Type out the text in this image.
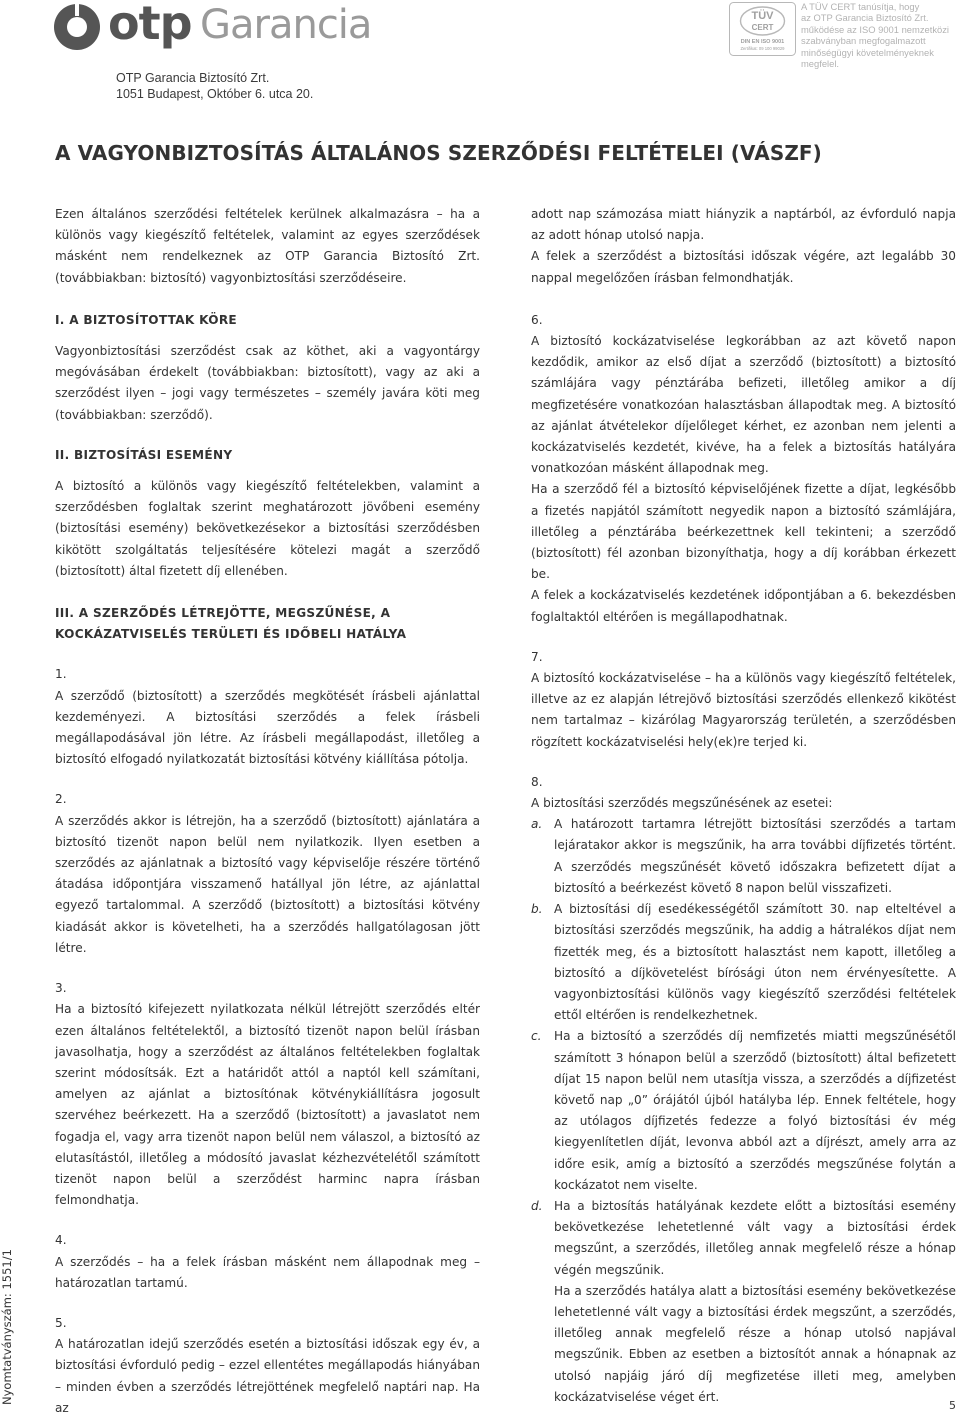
otp Garancia	TÜV
CERT
DIN EN ISO 9001
Zertifikat: 09 100 99029
A TÜV CERT tanúsítja, hogy
az OTP Garancia Biztosító Zrt.
működése az ISO 9001 nemzetközi
szabványban megfogalmazott
minőségügyi követelményeknek megfelel.
OTP Garancia Biztosító Zrt.
1051 Budapest, Október 6. utca 20.
A VAGYONBIZTOSÍTÁS ÁLTALÁNOS SZERZŐDÉSI FELTÉTELEI (VÁSZF)
Nyomtatványszám: 1551/1
5

Ezen általános szerződési feltételek kerülnek alkalmazásra – ha a különös vagy kiegészítő feltételek, valamint az egyes szerződések másként nem rendelkeznek az OTP Garancia Biztosító Zrt. (továbbiakban: biztosító) vagyonbiztosítási szerződéseire.

I. A BIZTOSÍTOTTAK KÖRE

Vagyonbiztosítási szerződést csak az köthet, aki a vagyontárgy megóvásában érdekelt (továbbiakban: biztosított), vagy az aki a szerződést ilyen – jogi vagy természetes – személy javára köti meg (továbbiakban: szerződő).

II. BIZTOSÍTÁSI ESEMÉNY

A biztosító a különös vagy kiegészítő feltételekben, valamint a szerződésben foglaltak szerint meghatározott jövőbeni esemény (biztosítási esemény) bekövetkezésekor a biztosítási szerződésben kikötött szolgáltatás teljesítésére kötelezi magát a szerződő (biztosított) által fizetett díj ellenében.

III. A SZERZŐDÉS LÉTREJÖTTE, MEGSZŰNÉSE, A KOCKÁZATVISELÉS TERÜLETI ÉS IDŐBELI HATÁLYA
1.

A szerződő (biztosított) a szerződés megkötését írásbeli ajánlattal kezdeményezi. A biztosítási szerződés a felek írásbeli megállapodásával jön létre. Az írásbeli megállapodást, illetőleg a biztosító elfogadó nyilatkozatát biztosítási kötvény kiállítása pótolja.

2.

A szerződés akkor is létrejön, ha a szerződő (biztosított) ajánlatára a biztosító tizenöt napon belül nem nyilatkozik. Ilyen esetben a szerződés az ajánlatnak a biztosító vagy képviselője részére történő átadása időpontjára visszamenő hatállyal jön létre, az ajánlattal egyező tartalommal. A szerződő (biztosított) a biztosítási kötvény kiadását akkor is követelheti, ha a szerződés hallgatólagosan jött létre.

3.

Ha a biztosító kifejezett nyilatkozata nélkül létrejött szerződés eltér ezen általános feltételektől, a biztosító tizenöt napon belül írásban javasolhatja, hogy a szerződést az általános feltételekben foglaltak szerint módosítsák. Ezt a határidőt attól a naptól kell számítani, amelyen az ajánlat a biztosítónak kötvénykiállításra jogosult szervéhez beérkezett. Ha a szerződő (biztosított) a javaslatot nem fogadja el, vagy arra tizenöt napon belül nem válaszol, a biztosító az elutasítástól, illetőleg a módosító javaslat kézhezvételétől számított tizenöt napon belül a szerződést harminc napra írásban felmondhatja.

4.

A szerződés – ha a felek írásban másként nem állapodnak meg – határozatlan tartamú.

5.

A határozatlan idejű szerződés esetén a biztosítási időszak egy év, a biztosítási évforduló pedig – ezzel ellentétes megállapodás hiányában – minden évben a szerződés létrejöttének megfelelő naptári nap. Ha az

adott nap számozása miatt hiányzik a naptárból, az évforduló napja az adott hónap utolsó napja.

A felek a szerződést a biztosítási időszak végére, azt legalább 30 nappal megelőzően írásban felmondhatják.

6.

A biztosító kockázatviselése legkorábban az azt követő napon kezdődik, amikor az első díjat a szerződő (biztosított) a biztosító számlájára vagy pénztárába befizeti, illetőleg amikor a díj megfizetésére vonatkozóan halasztásban állapodtak meg. A biztosító az ajánlat átvételekor díjelőleget kérhet, ez azonban nem jelenti a kockázatviselés kezdetét, kivéve, ha a felek a biztosítás hatályára vonatkozóan másként állapodnak meg.

Ha a szerződő fél a biztosító képviselőjének fizette a díjat, legkésőbb a fizetés napjától számított negyedik napon a biztosító számlájára, illetőleg a pénztárába beérkezettnek kell tekinteni; a szerződő (biztosított) fél azonban bizonyíthatja, hogy a díj korábban érkezett be.

A felek a kockázatviselés kezdetének időpontjában a 6. bekezdésben foglaltaktól eltérően is megállapodhatnak.

7.

A biztosító kockázatviselése – ha a különös vagy kiegészítő feltételek, illetve az ez alapján létrejövő biztosítási szerződés ellenkező kikötést nem tartalmaz – kizárólag Magyarország területén, a szerződésben rögzített kockázatviselési hely(ek)re terjed ki.

8.

A biztosítási szerződés megszűnésének az esetei:

a. A határozott tartamra létrejött biztosítási szerződés a tartam lejáratakor akkor is megszűnik, ha arra további díjfizetés történt. A szerződés megszűnését követő időszakra befizetett díjat a biztosító a beérkezést követő 8 napon belül visszafizeti.

b. A biztosítási díj esedékességétől számított 30. nap elteltével a biztosítási szerződés megszűnik, ha addig a hátralékos díjat nem fizették meg, és a biztosított halasztást nem kapott, illetőleg a biztosító a díjkövetelést bírósági úton nem érvényesítette. A vagyonbiztosítási különös vagy kiegészítő szerződési feltételek ettől eltérően is rendelkezhetnek.

c. Ha a biztosító a szerződés díj nemfizetés miatti megszűnésétől számított 3 hónapon belül a szerződő (biztosított) által befizetett díjat 15 napon belül nem utasítja vissza, a szerződés a díjfizetést követő nap „0” órájától újból hatályba lép. Ennek feltétele, hogy az utólagos díjfizetés fedezze a folyó biztosítási év még kiegyenlítetlen díját, levonva abból azt a díjrészt, amely arra az időre esik, amíg a biztosító a szerződés megszűnése folytán a kockázatot nem viselte.

d. Ha a biztosítás hatályának kezdete előtt a biztosítási esemény bekövetkezése lehetetlenné vált vagy a biztosítási érdek megszűnt, a szerződés, illetőleg annak megfelelő része a hónap végén megszűnik.

Ha a szerződés hatálya alatt a biztosítási esemény bekövetkezése lehetetlenné vált vagy a biztosítási érdek megszűnt, a szerződés, illetőleg annak megfelelő része a hónap utolsó napjával megszűnik. Ebben az esetben a biztosítót annak a hónapnak az utolsó napjáig járó díj megfizetése illeti meg, amelyben kockázatviselése véget ért.
